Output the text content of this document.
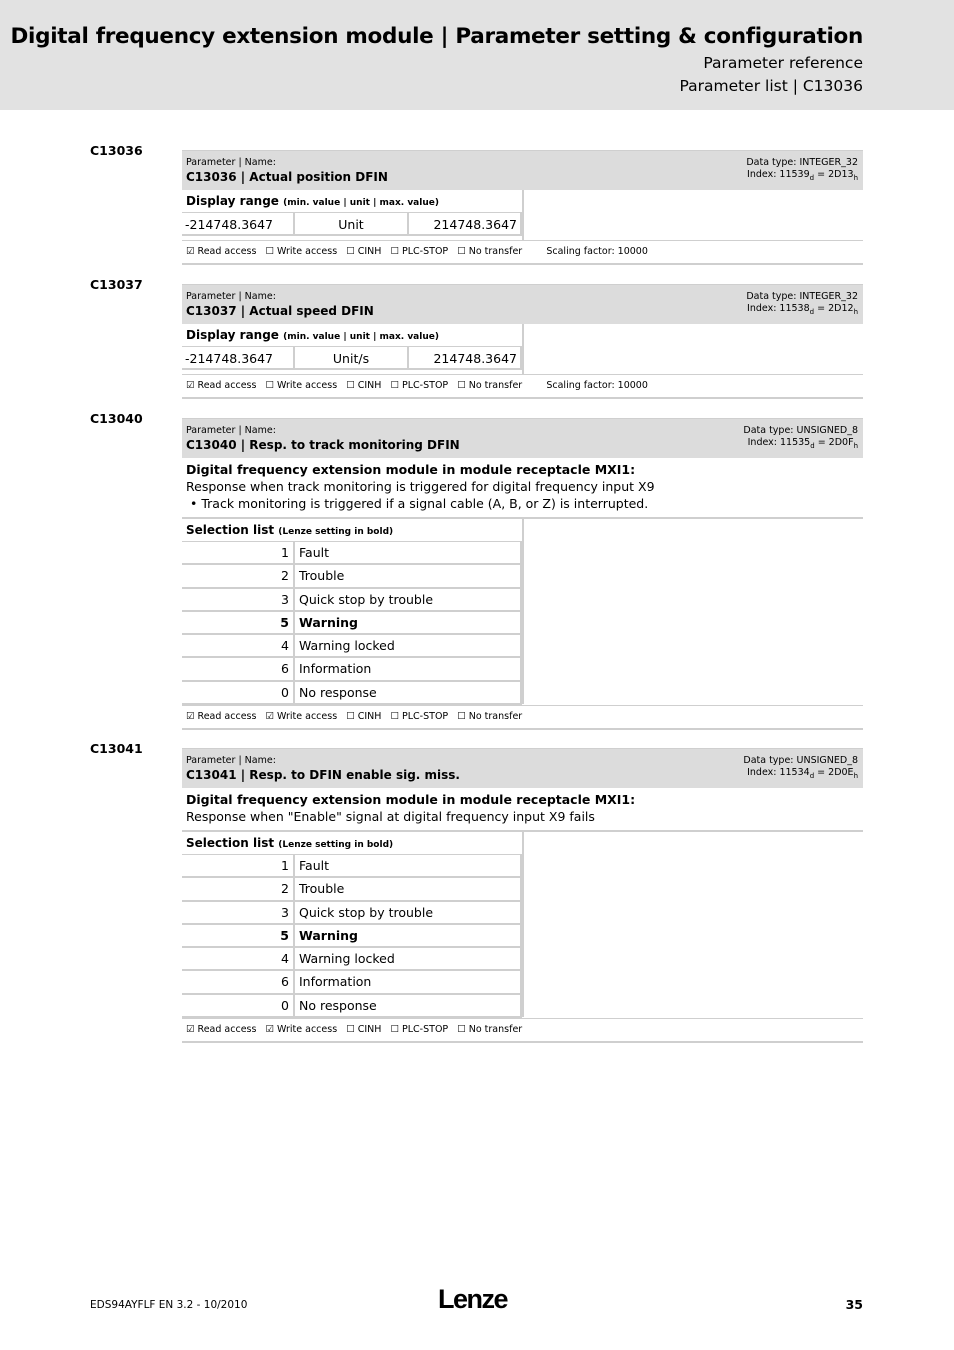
Digital frequency extension module | Parameter setting & configuration
Parameter reference
Parameter list | C13036
C13036
Parameter | Name:
C13036 | Actual position DFIN
Data type: INTEGER_32
Index: $11539_d = 2D13_h$
Display range (min. value | unit | max. value)
-214748.3647	Unit	214748.3647
☑ Read access   ☐ Write access   ☐ CINH   ☐ PLC-STOP   ☐ No transfer        Scaling factor: 10000
C13037
Parameter | Name:
C13037 | Actual speed DFIN
Data type: INTEGER_32
Index: $11538_d = 2D12_h$
Display range (min. value | unit | max. value)
-214748.3647	Unit/s	214748.3647
☑ Read access   ☐ Write access   ☐ CINH   ☐ PLC-STOP   ☐ No transfer        Scaling factor: 10000
C13040
Parameter | Name:
C13040 | Resp. to track monitoring DFIN
Data type: UNSIGNED_8
Index: $11535_d = 2D0F_h$
Digital frequency extension module in module receptacle MXI1:
Response when track monitoring is triggered for digital frequency input X9
• Track monitoring is triggered if a signal cable (A, B, or Z) is interrupted.
Selection list (Lenze setting in bold)
1 Fault
2 Trouble
3 Quick stop by trouble
5 Warning
4 Warning locked
6 Information
0 No response
☑ Read access   ☑ Write access   ☐ CINH   ☐ PLC-STOP   ☐ No transfer
C13041
Parameter | Name:
C13041 | Resp. to DFIN enable sig. miss.
Data type: UNSIGNED_8
Index: $11534_d = 2D0E_h$
Digital frequency extension module in module receptacle MXI1:
Response when "Enable" signal at digital frequency input X9 fails
Selection list (Lenze setting in bold)
1 Fault
2 Trouble
3 Quick stop by trouble
5 Warning
4 Warning locked
6 Information
0 No response
☑ Read access   ☑ Write access   ☐ CINH   ☐ PLC-STOP   ☐ No transfer
EDS94AYFLF EN 3.2 - 10/2010	Lenze	35
